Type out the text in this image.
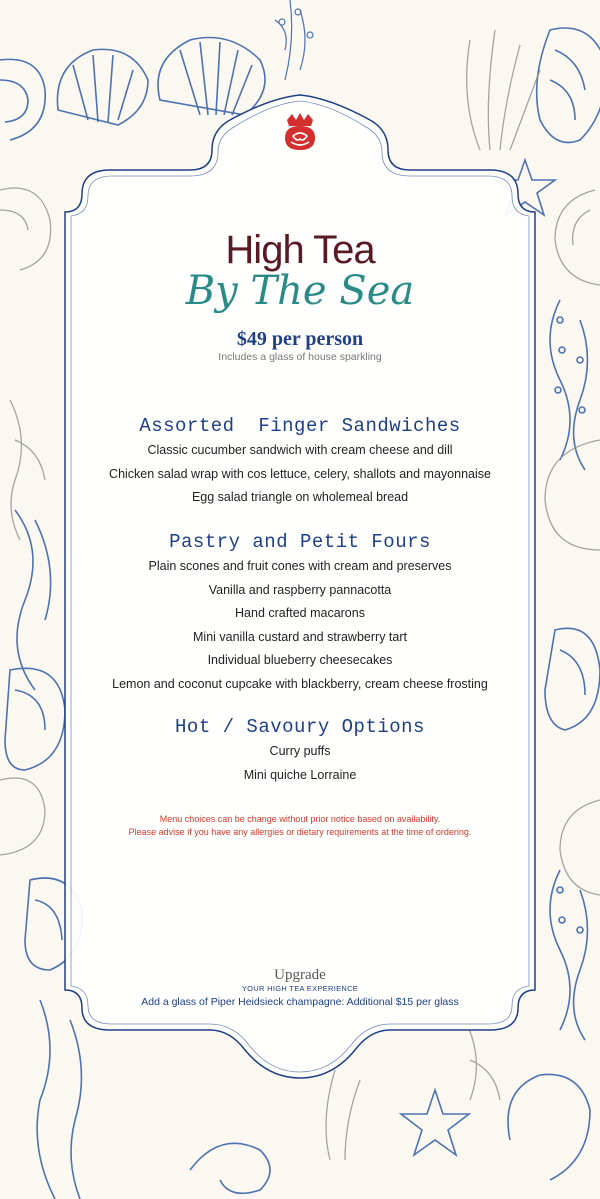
High Tea
By The Sea
$49 per person
Includes a glass of house sparkling
Assorted  Finger Sandwiches
Classic cucumber sandwich with cream cheese and dill
Chicken salad wrap with cos lettuce, celery, shallots and mayonnaise
Egg salad triangle on wholemeal bread
Pastry and Petit Fours
Plain scones and fruit cones with cream and preserves
Vanilla and raspberry pannacotta
Hand crafted macarons
Mini vanilla custard and strawberry tart
Individual blueberry cheesecakes
Lemon and coconut cupcake with blackberry, cream cheese frosting
Hot / Savoury Options
Curry puffs
Mini quiche Lorraine
Menu choices can be change without prior notice based on availability.
Please advise if you have any allergies or dietary requirements at the time of ordering.
Upgrade
YOUR HIGH TEA EXPERIENCE
Add a glass of Piper Heidsieck champagne: Additional $15 per glass
